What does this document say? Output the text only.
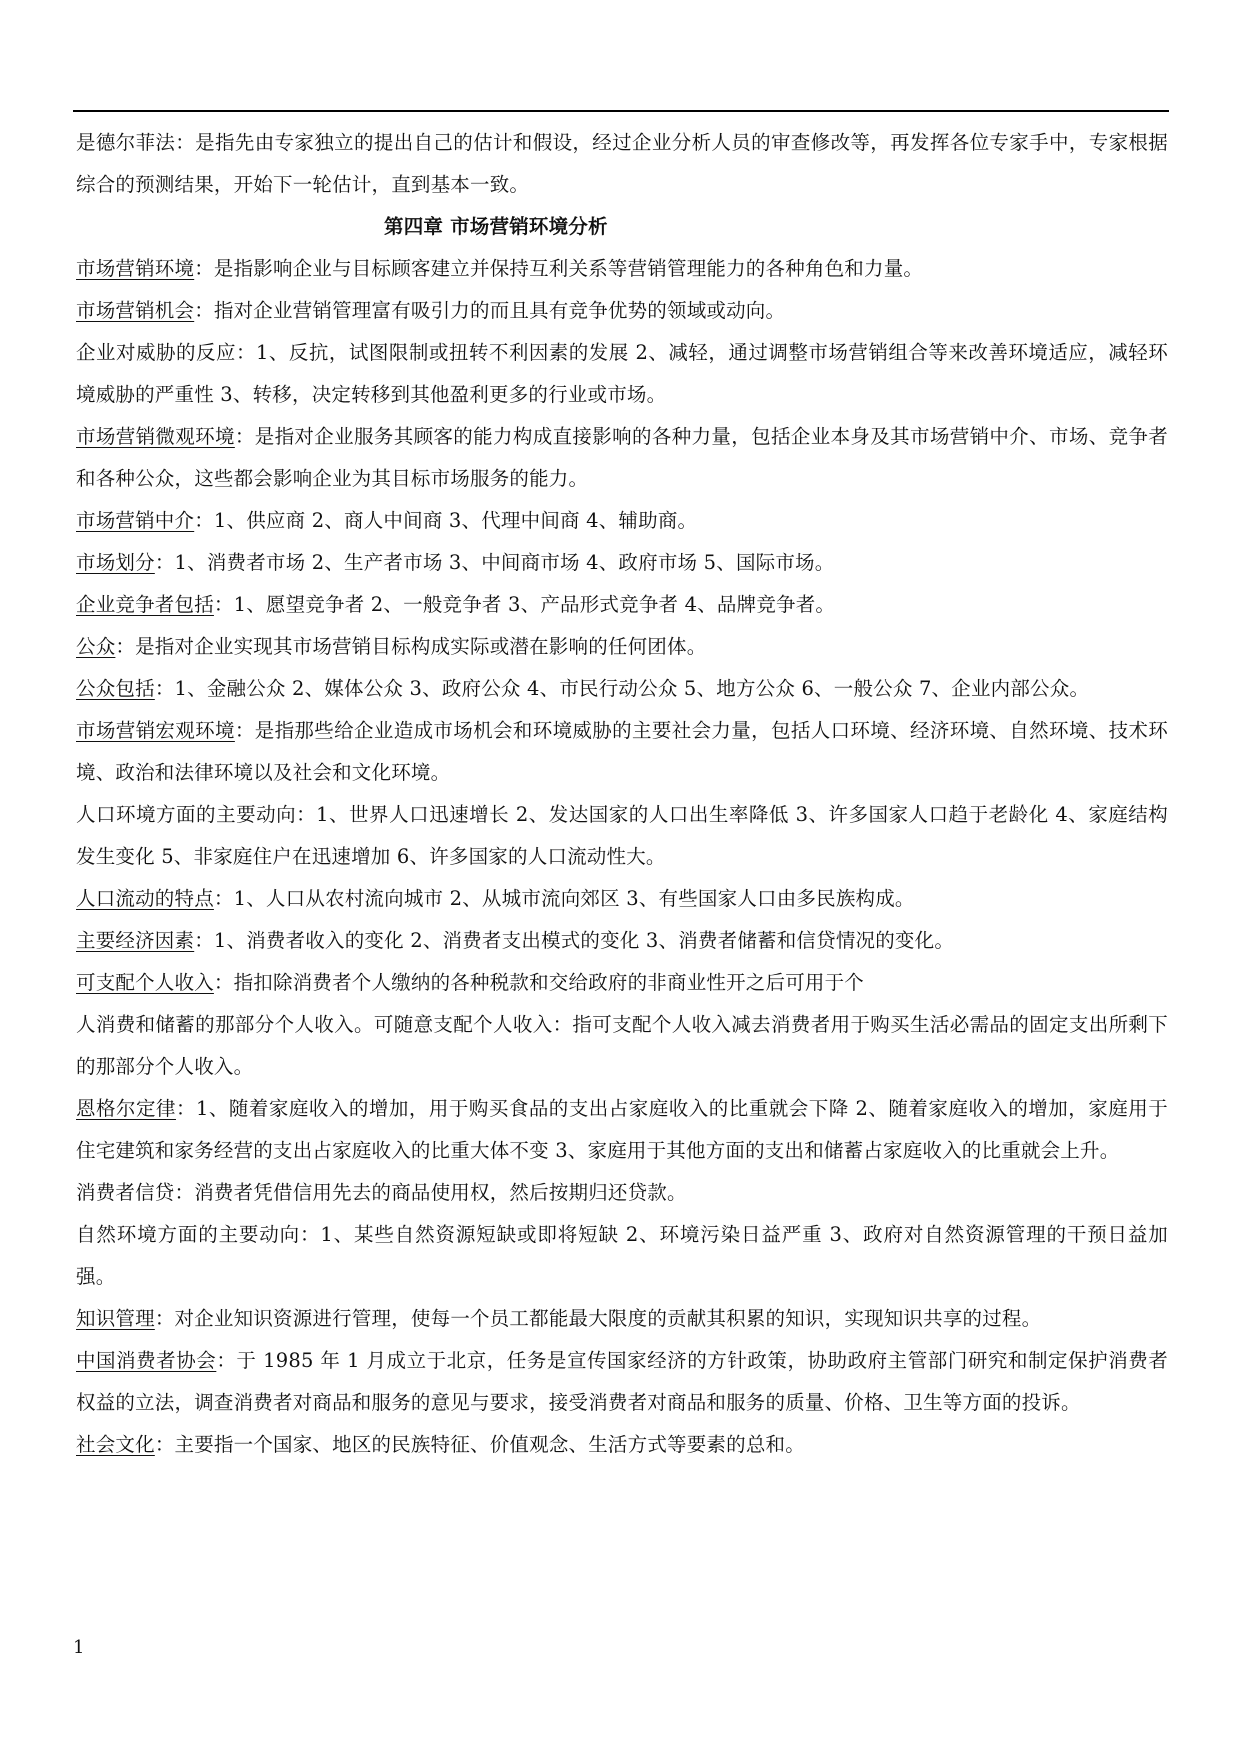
是德尔菲法：是指先由专家独立的提出自己的估计和假设，经过企业分析人员的审查修改等，再发挥各位专家手中，专家根据综合的预测结果，开始下一轮估计，直到基本一致。

第四章 市场营销环境分析

市场营销环境：是指影响企业与目标顾客建立并保持互利关系等营销管理能力的各种角色和力量。

市场营销机会：指对企业营销管理富有吸引力的而且具有竞争优势的领域或动向。

企业对威胁的反应：1、反抗，试图限制或扭转不利因素的发展 2、减轻，通过调整市场营销组合等来改善环境适应，减轻环境威胁的严重性 3、转移，决定转移到其他盈利更多的行业或市场。

市场营销微观环境：是指对企业服务其顾客的能力构成直接影响的各种力量，包括企业本身及其市场营销中介、市场、竞争者和各种公众，这些都会影响企业为其目标市场服务的能力。

市场营销中介：1、供应商 2、商人中间商 3、代理中间商 4、辅助商。

市场划分：1、消费者市场 2、生产者市场 3、中间商市场 4、政府市场 5、国际市场。

企业竞争者包括：1、愿望竞争者 2、一般竞争者 3、产品形式竞争者 4、品牌竞争者。

公众：是指对企业实现其市场营销目标构成实际或潜在影响的任何团体。

公众包括：1、金融公众 2、媒体公众 3、政府公众 4、市民行动公众 5、地方公众 6、一般公众 7、企业内部公众。

市场营销宏观环境：是指那些给企业造成市场机会和环境威胁的主要社会力量，包括人口环境、经济环境、自然环境、技术环境、政治和法律环境以及社会和文化环境。

人口环境方面的主要动向：1、世界人口迅速增长 2、发达国家的人口出生率降低 3、许多国家人口趋于老龄化 4、家庭结构发生变化 5、非家庭住户在迅速增加 6、许多国家的人口流动性大。

人口流动的特点：1、人口从农村流向城市 2、从城市流向郊区 3、有些国家人口由多民族构成。

主要经济因素：1、消费者收入的变化 2、消费者支出模式的变化 3、消费者储蓄和信贷情况的变化。

可支配个人收入：指扣除消费者个人缴纳的各种税款和交给政府的非商业性开之后可用于个

人消费和储蓄的那部分个人收入。可随意支配个人收入：指可支配个人收入减去消费者用于购买生活必需品的固定支出所剩下的那部分个人收入。

恩格尔定律：1、随着家庭收入的增加，用于购买食品的支出占家庭收入的比重就会下降 2、随着家庭收入的增加，家庭用于住宅建筑和家务经营的支出占家庭收入的比重大体不变 3、家庭用于其他方面的支出和储蓄占家庭收入的比重就会上升。

消费者信贷：消费者凭借信用先去的商品使用权，然后按期归还贷款。

自然环境方面的主要动向：1、某些自然资源短缺或即将短缺 2、环境污染日益严重 3、政府对自然资源管理的干预日益加强。

知识管理：对企业知识资源进行管理，使每一个员工都能最大限度的贡献其积累的知识，实现知识共享的过程。

中国消费者协会：于 1985 年 1 月成立于北京，任务是宣传国家经济的方针政策，协助政府主管部门研究和制定保护消费者权益的立法，调查消费者对商品和服务的意见与要求，接受消费者对商品和服务的质量、价格、卫生等方面的投诉。

社会文化：主要指一个国家、地区的民族特征、价值观念、生活方式等要素的总和。

1
